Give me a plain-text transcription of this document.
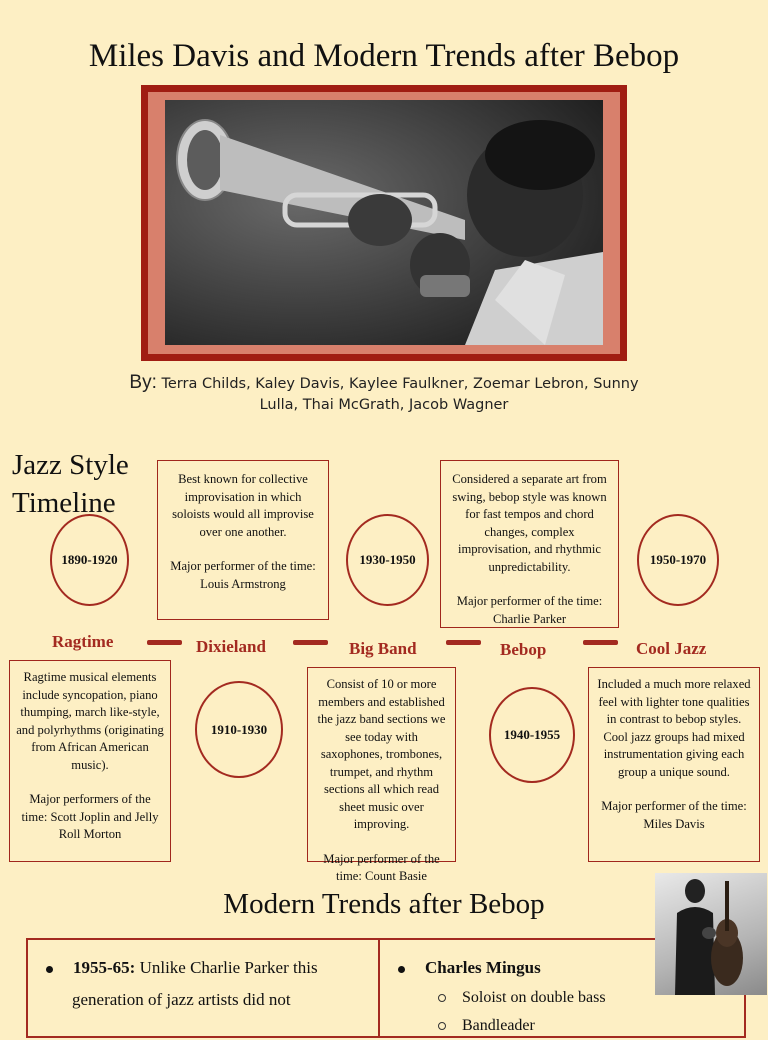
Miles Davis and Modern Trends after Bebop
By: Terra Childs, Kaley Davis, Kaylee Faulkner, Zoemar Lebron, Sunny Lulla, Thai McGrath, Jacob Wagner
Jazz Style
Timeline

Best known for collective improvisation in which soloists would all improvise over one another.

Major performer of the time: Louis Armstrong

Considered a separate art from swing, bebop style was known for fast tempos and chord changes, complex improvisation, and rhythmic unpredictability.

Major performer of the time: Charlie Parker

1890-1920	1930-1950	1950-1970
Ragtime	Dixieland	Big Band	Bebop	Cool Jazz

Ragtime musical elements include syncopation, piano thumping, march like-style, and polyrhythms (originating from African American music).

Major performers of the time: Scott Joplin and Jelly Roll Morton

Consist of 10 or more members and established the jazz band sections we see today with saxophones, trombones, trumpet, and rhythm sections all which read sheet music over improving.

Major performer of the time: Count Basie

Included a much more relaxed feel with lighter tone qualities in contrast to bebop styles. Cool jazz groups had mixed instrumentation giving each group a unique sound.

Major performer of the time: Miles Davis

1910-1930	1940-1955
Modern Trends after Bebop
1955-65: Unlike Charlie Parker this
generation of jazz artists did not
Charles Mingus
Soloist on double bass
Bandleader
